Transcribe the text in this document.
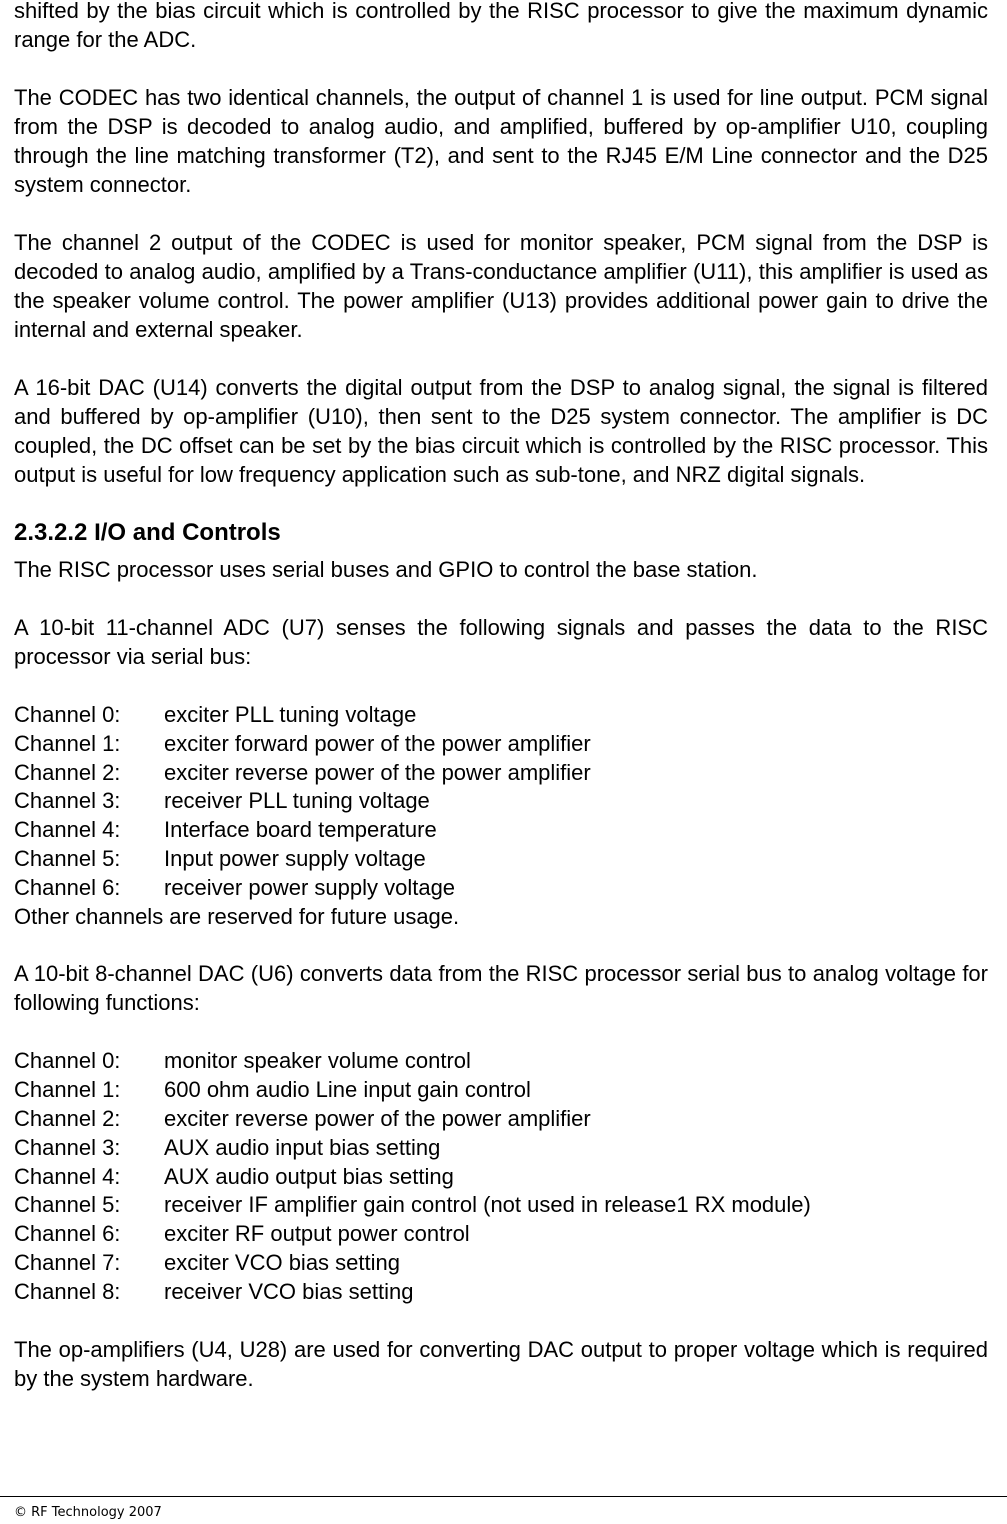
shifted by the bias circuit which is controlled by the RISC processor to give the maximum dynamic range for the ADC.

The CODEC has two identical channels, the output of channel 1 is used for line output. PCM signal from the DSP is decoded to analog audio, and amplified, buffered by op-amplifier U10, coupling through the line matching transformer (T2), and sent to the RJ45 E/M Line connector and the D25 system connector.

The channel 2 output of the CODEC is used for monitor speaker, PCM signal from the DSP is decoded to analog audio, amplified by a Trans-conductance amplifier (U11), this amplifier is used as the speaker volume control. The power amplifier (U13) provides additional power gain to drive the internal and external speaker.

A 16-bit DAC (U14) converts the digital output from the DSP to analog signal, the signal is filtered and buffered by op-amplifier (U10), then sent to the D25 system connector. The amplifier is DC coupled, the DC offset can be set by the bias circuit which is controlled by the RISC processor. This output is useful for low frequency application such as sub-tone, and NRZ digital signals.

2.3.2.2 I/O and Controls

The RISC processor uses serial buses and GPIO to control the base station.

A 10-bit 11-channel ADC (U7) senses the following signals and passes the data to the RISC processor via serial bus:

Channel 0:	exciter PLL tuning voltage
Channel 1:	exciter forward power of the power amplifier
Channel 2:	exciter reverse power of the power amplifier
Channel 3:	receiver PLL tuning voltage
Channel 4:	Interface board temperature
Channel 5:	Input power supply voltage
Channel 6:	receiver power supply voltage
Other channels are reserved for future usage.

A 10-bit 8-channel DAC (U6) converts data from the RISC processor serial bus to analog voltage for following functions:

Channel 0:	monitor speaker volume control
Channel 1:	600 ohm audio Line input gain control
Channel 2:	exciter reverse power of the power amplifier
Channel 3:	AUX audio input bias setting
Channel 4:	AUX audio output bias setting
Channel 5:	receiver IF amplifier gain control (not used in release1 RX module)
Channel 6:	exciter RF output power control
Channel 7:	exciter VCO bias setting
Channel 8:	receiver VCO bias setting

The op-amplifiers (U4, U28) are used for converting DAC output to proper voltage which is required by the system hardware.

© RF Technology 2007
